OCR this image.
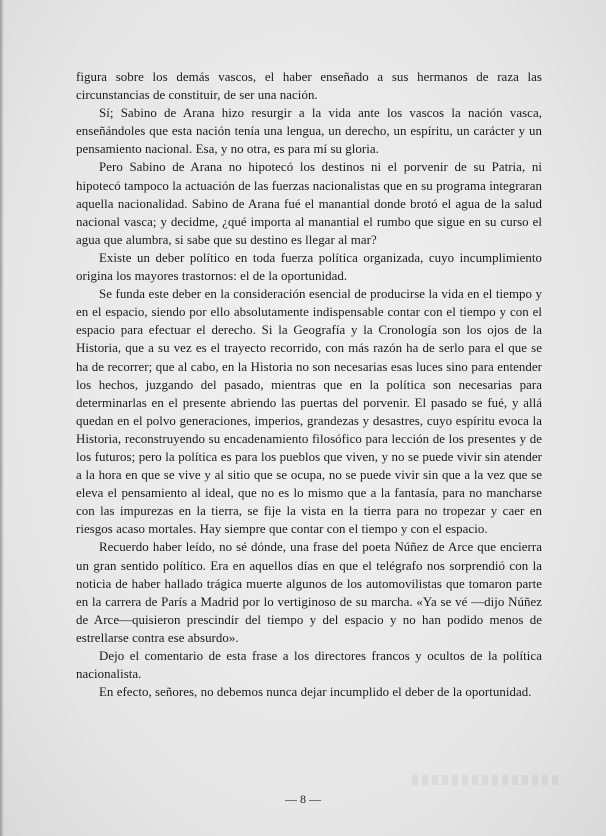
figura sobre los demás vascos, el haber enseñado a sus hermanos de raza las circunstancias de constituir, de ser una nación.

Sí; Sabino de Arana hizo resurgir a la vida ante los vascos la nación vasca, enseñándoles que esta nación tenía una lengua, un derecho, un espíritu, un carácter y un pensamiento nacional. Esa, y no otra, es para mí su gloria.

Pero Sabino de Arana no hipotecó los destinos ni el porvenir de su Patria, ni hipotecó tampoco la actuación de las fuerzas nacionalistas que en su programa integraran aquella nacionalidad. Sabino de Arana fué el manantial donde brotó el agua de la salud nacional vasca; y decidme, ¿qué importa al manantial el rumbo que sigue en su curso el agua que alumbra, si sabe que su destino es llegar al mar?

Existe un deber político en toda fuerza política organizada, cuyo incumplimiento origina los mayores trastornos: el de la oportunidad.

Se funda este deber en la consideración esencial de producirse la vida en el tiempo y en el espacio, siendo por ello absolutamente indispensable contar con el tiempo y con el espacio para efectuar el derecho. Si la Geografía y la Cronología son los ojos de la Historia, que a su vez es el trayecto recorrido, con más razón ha de serlo para el que se ha de recorrer; que al cabo, en la Historia no son necesarias esas luces sino para entender los hechos, juzgando del pasado, mientras que en la política son necesarias para determinarlas en el presente abriendo las puertas del porvenir. El pasado se fué, y allá quedan en el polvo generaciones, imperios, grandezas y desastres, cuyo espíritu evoca la Historia, reconstruyendo su encadenamiento filosófico para lección de los presentes y de los futuros; pero la política es para los pueblos que viven, y no se puede vivir sin atender a la hora en que se vive y al sitio que se ocupa, no se puede vivir sin que a la vez que se eleva el pensamiento al ideal, que no es lo mismo que a la fantasía, para no mancharse con las impurezas en la tierra, se fije la vista en la tierra para no tropezar y caer en riesgos acaso mortales. Hay siempre que contar con el tiempo y con el espacio.

Recuerdo haber leído, no sé dónde, una frase del poeta Núñez de Arce que encierra un gran sentido político. Era en aquellos días en que el telégrafo nos sorprendió con la noticia de haber hallado trágica muerte algunos de los automovilistas que tomaron parte en la carrera de París a Madrid por lo vertiginoso de su marcha. «Ya se vé —dijo Núñez de Arce—quisieron prescindir del tiempo y del espacio y no han podido menos de estrellarse contra ese absurdo».

Dejo el comentario de esta frase a los directores francos y ocultos de la política nacionalista.

En efecto, señores, no debemos nunca dejar incumplido el deber de la oportunidad.

— 8 —
